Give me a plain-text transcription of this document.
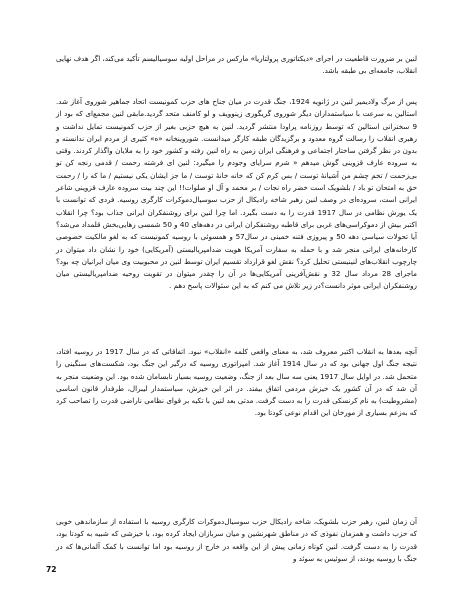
لنین بر ضرورت قاطعیت در اجرای «دیکتاتوری پرولتاریا» مارکس در مراحل اولیه سوسیالیسم تأکید می‌کند، اگر هدف نهایی انقلاب، جامعه‌ای بی طبقه باشد.

پس از مرگ ولادیمیر لنین در ژانویه 1924، جنگ قدرت در میان جناح های حزب کمونیست اتحاد جماهیر شوروی آغاز شد. استالین به سرعت با سیاستمداران دیگر شوروی گریگوری زینوویف و لو کامنف متحد گردید.مابقی لنین مجمع‌ای که بود از 9 سخنرانی استالین که توسط روزنامه پراودا منتشر گردید. لنین به هیچ حزبی بغیر از حزب کمونیست تمایل نداشت و رهبری انقلاب را رسالت گروه معدود و برگزیدگان طبقه کارگر میدانست. شوروینخانه «ه» کثیری از مردم ایران ندانسته و بدون در نظر گرفتن ساختار اجتماعی و فرهنگی ایران زمین به راه لنین رفته و کشور خود را به ملایان واگذار کردند. وقتی به سروده عارف قزوینی گوش میدهم « شرم سرایای وجودم را میگیرد: لنین ای فرشته رحمت / قدمی رنجه کن تو بی‌زحمت / تخم چشم من آشیانهٔ توست / بس کرم کن که خانه خانهٔ توست / ما جز ایشان یکی نیستیم / ما که را / رحمت حق به امتحان تو باد / بلشویک است خضر راه نجات / بر محمد و آل او صلوات!! این چند بیت سروده عارف قزوینی شاعر ایرانی است، سروده‌ای در وصف لنین رهبر شاخه رادیکال از حزب سوسیال‌دموکرات کارگری روسیه. فردی که توانست با یک یورش نظامی در سال 1917 قدرت را به دست بگیرد. اما چرا لنین برای روشنفکران ایرانی جذاب بود؟ چرا انقلاب اکتبر بیش از دموکراسی‌های غربی برای قاطبه روشنفکران ایرانی در دهه‌های 40 و 50 شمسی رهایی‌بخش قلمداد می‌شد؟ آیا تحولات سیاسی دهه 50 و پیروزی فتنه خمینی در سال57 و همسوئی با روسیه کمونیست که به لغو مالکیت خصوصی کارخانه‌های ایرانی منجر شد و با حمله به سفارت آمریکا هویت ضدامپریالیستی (آمریکایی) خود را نشان داد میتوان در چارچوب انقلاب‌های لنینیستی تحلیل کرد؟ نقش لغو قرارداد تقسیم ایران توسط لنین در محبوبیت وی میان ایرانیان چه بود؟ ماجرای 28 مرداد سال 32 و نقش‌آفرینی آمریکایی‌ها در آن را چقدر میتوان در تقویت روحیه ضدامپریالیستی میان روشنفکران ایرانی موثر دانست؟در زیر تلاش می کنم که به این سئوالات پاسخ دهم .

آنچه بعدها به انقلاب اکتبر معروف شد، به معنای واقعی کلمه «انقلاب» نبود. اتفاقاتی که در سال 1917 در روسیه افتاد، نتیجه جنگ اول جهانی بود که در سال 1914 آغاز شد. امپراتوری روسیه که درگیر این جنگ بود، شکست‌های سنگینی را متحمل شد. در اوایل سال 1917 یعنی سه سال بعد از جنگ، وضعیت روسیه بسیار نابسامان شده بود. این وضعیت منجر به آن شد که در آن کشور یک خیزش مردمی اتفاق بیفتد. در اثر این خیزش، سیاستمدار لیبرال، طرفدار قانون اساسی (مشروطیت) به نام کرنسکی قدرت را به دست گرفت. مدتی بعد لنین با تکیه بر قوای نظامی ناراضی قدرت را تصاحب کرد که به‌زعم بسیاری از مورخان این اقدام نوعی کودتا بود.

آن زمان لنین، رهبر حزب بلشویک، شاخه رادیکال حزب سوسیال‌دموکرات کارگری روسیه با استفاده از سازماندهی خوبی که حزب داشت و همزمان نفوذی که در مناطق شهرنشین و میان سربازان ایجاد کرده بود، با خیزشی که شبیه به کودتا بود، قدرت را به دست گرفت. لنین کوتاه زمانی پیش از این واقعه در خارج از روسیه بود اما توانست با کمک آلمانی‌ها که در جنگ با روسیه بودند، از سوئیس به سوئد و

72
